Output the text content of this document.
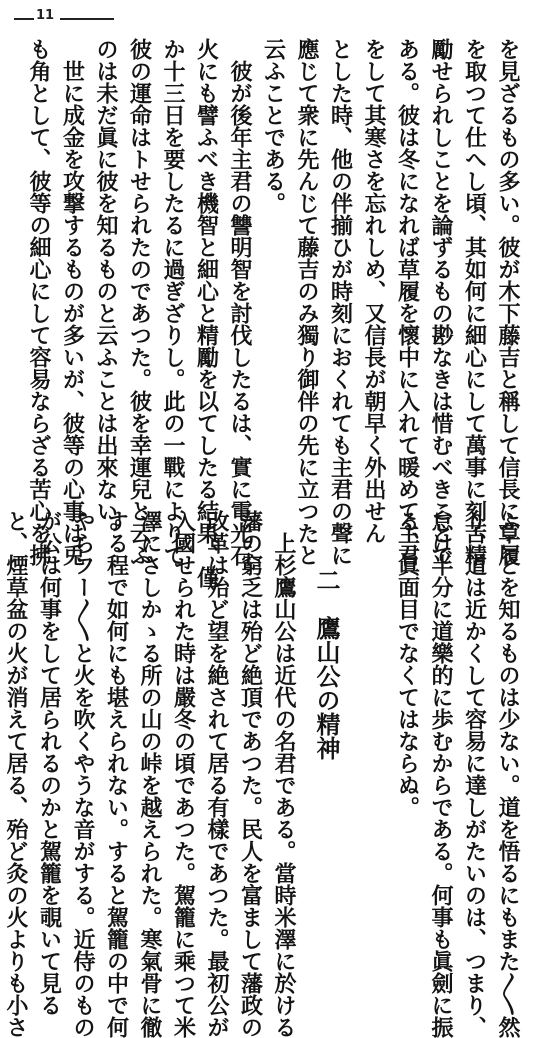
11
を見ざるもの多い。彼が木下藤吉と稱して信長に草履
を取つて仕へし頃、其如何に細心にして萬事に刻苦精
勵せられしことを論ずるもの尠なきは惜むべきことで
ある。彼は冬になれば草履を懷中に入れて暖めて主君
をして其寒さを忘れしめ、又信長が朝早く外出せん
とした時、他の伴揃ひが時刻におくれても主君の聲に
應じて衆に先んじて藤吉のみ獨り御伴の先に立つたと
云ふことである。
　彼が後年主君の讐明智を討伐したるは、實に電光石
火にも譬ふべき機智と細心と精勵を以てしたる結果、僅
か十三日を要したるに過ぎざりし。此の一戰によりて
彼の運命はトせられたのであつた。彼を幸運兒と云ふ
のは未だ眞に彼を知るものと云ふことは出來ない。
　世に成金を攻撃するものが多いが、彼等の心事は兎
も角として、彼等の細心にして容易ならざる苦心を拂
ふことを知るものは少ない。道を悟るにもまた〳〵然
り、道は近かくして容易に達しがたいのは、つまり、
怠け半分に道樂的に歩むからである。何事も眞劍に振
る、眞面目でなくてはならぬ。
二　鷹山公の精神
　上杉鷹山公は近代の名君である。當時米澤に於ける
藩の窮乏は殆ど絶頂であつた。民人を富まして藩政の
改革は殆ど望を絶されて居る有樣であつた。最初公が
入國せられた時は嚴冬の頃であつた。駕籠に乘つて米
澤にさしかゝる所の山の峠を越えられた。寒氣骨に徹
する程で如何にも堪えられない。すると駕籠の中で何
やらフー〳〵と火を吹くやうな音がする。近侍のもの
が公は何事をして居られるのかと駕籠を覗いて見る
と、煙草盆の火が消えて居る、殆ど灸の火よりも小さ
